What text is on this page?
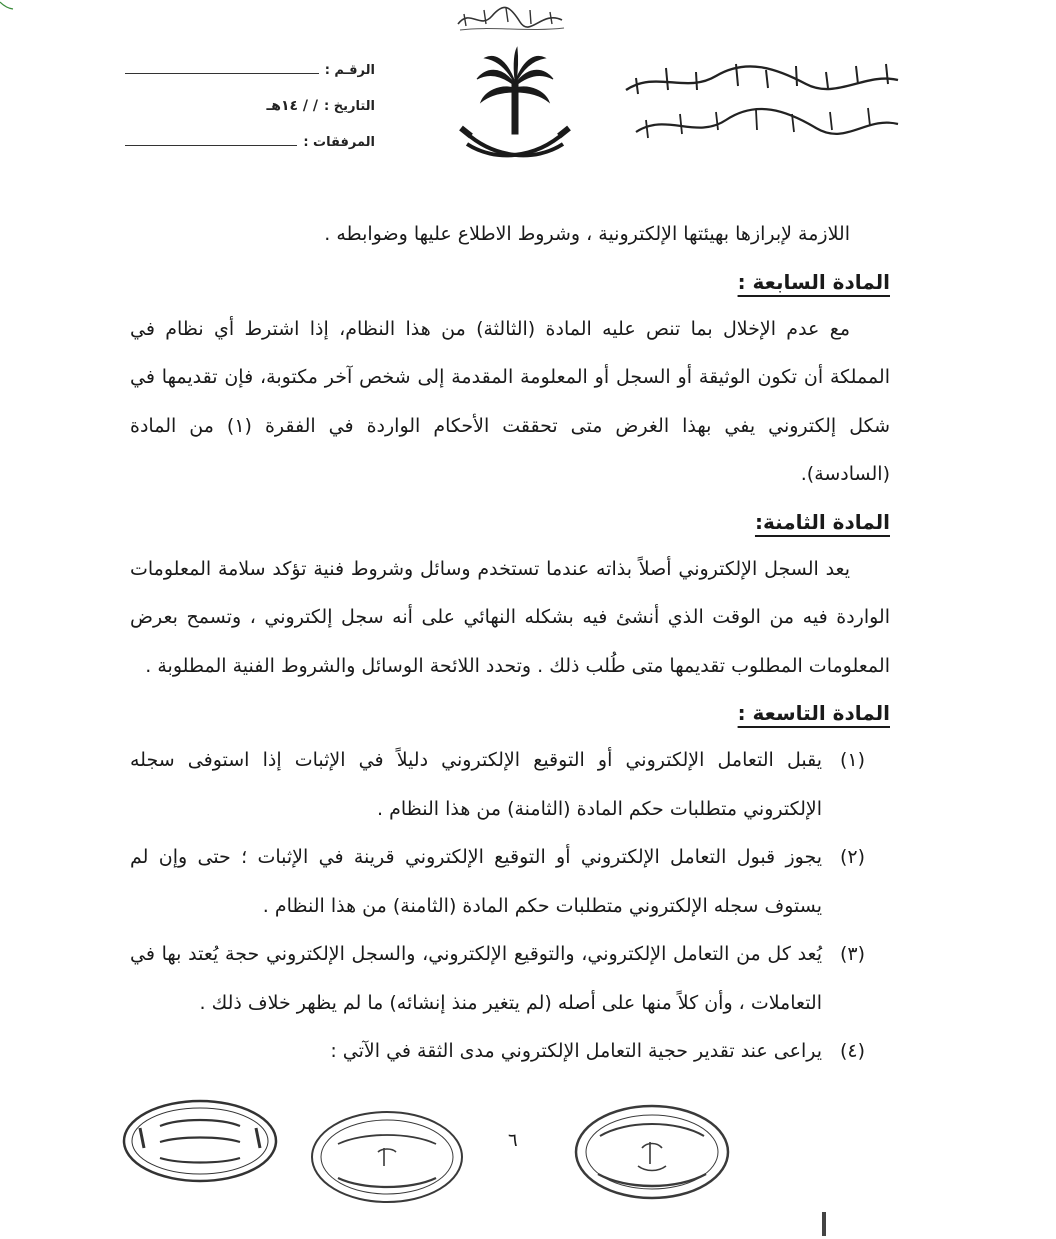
الرقـم :
التاريخ :
/ / ١٤هـ
المرفقات :

اللازمة لإبرازها بهيئتها الإلكترونية ، وشروط الاطلاع عليها وضوابطه .

المادة السابعة :

مع عدم الإخلال بما تنص عليه المادة (الثالثة) من هذا النظام، إذا اشترط أي نظام في المملكة أن تكون الوثيقة أو السجل أو المعلومة المقدمة إلى شخص آخر مكتوبة، فإن تقديمها في شكل إلكتروني يفي بهذا الغرض متى تحققت الأحكام الواردة في الفقرة (١) من المادة (السادسة).

المادة الثامنة:

يعد السجل الإلكتروني أصلاً بذاته عندما تستخدم وسائل وشروط فنية تؤكد سلامة المعلومات الواردة فيه من الوقت الذي أنشئ فيه بشكله النهائي على أنه سجل إلكتروني ، وتسمح بعرض المعلومات المطلوب تقديمها متى طُلب ذلك . وتحدد اللائحة الوسائل والشروط الفنية المطلوبة .

المادة التاسعة :
(١)
يقبل التعامل الإلكتروني أو التوقيع الإلكتروني دليلاً في الإثبات إذا استوفى سجله الإلكتروني متطلبات حكم المادة (الثامنة) من هذا النظام .
(٢)
يجوز قبول التعامل الإلكتروني أو التوقيع الإلكتروني قرينة في الإثبات ؛ حتى وإن لم يستوف سجله الإلكتروني متطلبات حكم المادة (الثامنة) من هذا النظام .
(٣)
يُعد كل من التعامل الإلكتروني، والتوقيع الإلكتروني، والسجل الإلكتروني حجة يُعتد بها في التعاملات ، وأن كلاً منها على أصله (لم يتغير منذ إنشائه) ما لم يظهر خلاف ذلك .
(٤)
يراعى عند تقدير حجية التعامل الإلكتروني مدى الثقة في الآتي :
٦
